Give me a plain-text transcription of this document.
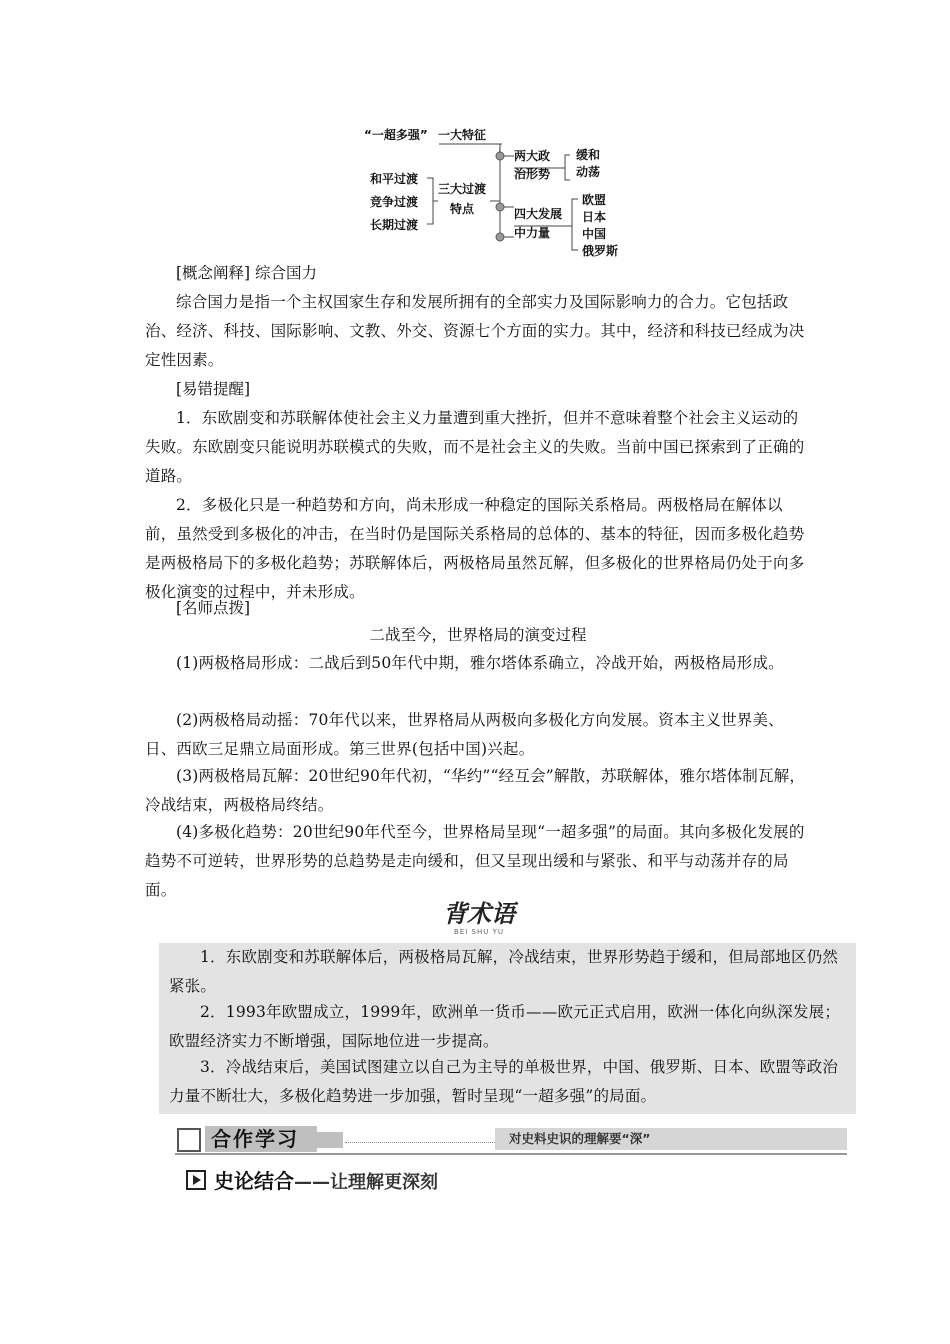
“一超多强” 一大特征
两大政
治形势
缓和
动荡
和平过渡
竞争过渡
长期过渡
三大过渡
特点	四大发展
中力量
欧盟
日本
中国
俄罗斯
[概念阐释] 综合国力

综合国力是指一个主权国家生存和发展所拥有的全部实力及国际影响力的合力。它包括政治、经济、科技、国际影响、文教、外交、资源七个方面的实力。其中，经济和科技已经成为决定性因素。

[易错提醒]

1．东欧剧变和苏联解体使社会主义力量遭到重大挫折，但并不意味着整个社会主义运动的失败。东欧剧变只能说明苏联模式的失败，而不是社会主义的失败。当前中国已探索到了正确的道路。

2．多极化只是一种趋势和方向，尚未形成一种稳定的国际关系格局。两极格局在解体以前，虽然受到多极化的冲击，在当时仍是国际关系格局的总体的、基本的特征，因而多极化趋势是两极格局下的多极化趋势；苏联解体后，两极格局虽然瓦解，但多极化的世界格局仍处于向多极化演变的过程中，并未形成。

[名师点拨]
二战至今，世界格局的演变过程

(1)两极格局形成：二战后到50年代中期，雅尔塔体系确立，冷战开始，两极格局形成。

(2)两极格局动摇：70年代以来，世界格局从两极向多极化方向发展。资本主义世界美、日、西欧三足鼎立局面形成。第三世界(包括中国)兴起。

(3)两极格局瓦解：20世纪90年代初，“华约”“经互会”解散，苏联解体，雅尔塔体制瓦解，冷战结束，两极格局终结。

(4)多极化趋势：20世纪90年代至今，世界格局呈现“一超多强”的局面。其向多极化发展的趋势不可逆转，世界形势的总趋势是走向缓和，但又呈现出缓和与紧张、和平与动荡并存的局面。

背术语
BEI SHU YU

1．东欧剧变和苏联解体后，两极格局瓦解，冷战结束，世界形势趋于缓和，但局部地区仍然紧张。

2．1993年欧盟成立，1999年，欧洲单一货币——欧元正式启用，欧洲一体化向纵深发展；欧盟经济实力不断增强，国际地位进一步提高。

3．冷战结束后，美国试图建立以自己为主导的单极世界，中国、俄罗斯、日本、欧盟等政治力量不断壮大，多极化趋势进一步加强，暂时呈现“一超多强”的局面。

合作学习	对史料史识的理解要“深”
史论结合——让理解更深刻
